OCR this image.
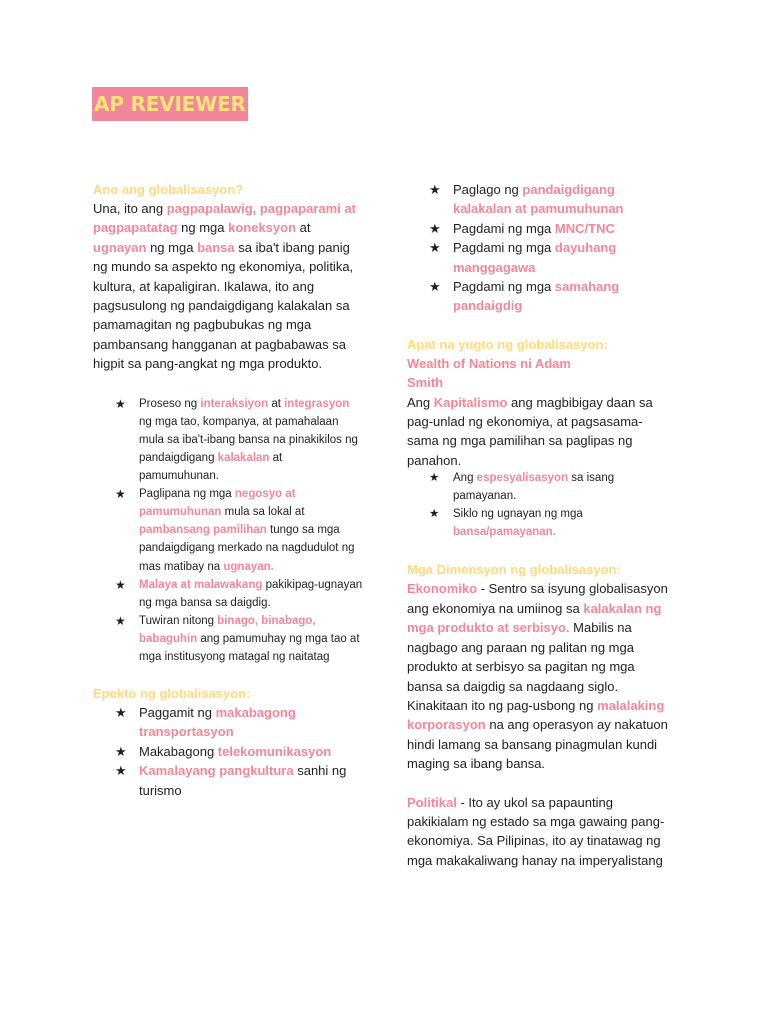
AP REVIEWER

Ano ang globalisasyon?

Una, ito ang pagpapalawig, pagpaparami at pagpapatatag ng mga koneksyon at ugnayan ng mga bansa sa iba't ibang panig ng mundo sa aspekto ng ekonomiya, politika, kultura, at kapaligiran. Ikalawa, ito ang pagsusulong ng pandaigdigang kalakalan sa pamamagitan ng pagbubukas ng mga pambansang hangganan at pagbabawas sa higpit sa pang-angkat ng mga produkto.

★ Proseso ng interaksiyon at integrasyon ng mga tao, kompanya, at pamahalaan mula sa iba't-ibang bansa na pinakikilos ng pandaigdigang kalakalan at pamumuhunan.
★ Paglipana ng mga negosyo at pamumuhunan mula sa lokal at pambansang pamilihan tungo sa mga pandaigdigang merkado na nagdudulot ng mas matibay na ugnayan.
★ Malaya at malawakang pakikipag-ugnayan ng mga bansa sa daigdig.
★ Tuwiran nitong binago, binabago, babaguhin ang pamumuhay ng mga tao at mga institusyong matagal ng naitatag

Epekto ng globalisasyon:

★ Paggamit ng makabagong transportasyon
★ Makabagong telekomunikasyon
★ Kamalayang pangkultura sanhi ng turismo
★ Paglago ng pandaigdigang kalakalan at pamumuhunan
★ Pagdami ng mga MNC/TNC
★ Pagdami ng mga dayuhang manggagawa
★ Pagdami ng mga samahang pandaigdig

Apat na yugto ng globalisasyon:

Wealth of Nations ni Adam Smith

Ang Kapitalismo ang magbibigay daan sa pag-unlad ng ekonomiya, at pagsasama-sama ng mga pamilihan sa paglipas ng panahon.

★ Ang espesyalisasyon sa isang pamayanan.
★ Siklo ng ugnayan ng mga bansa/pamayanan.

Mga Dimensyon ng globalisasyon:

Ekonomiko - Sentro sa isyung globalisasyon ang ekonomiya na umiinog sa kalakalan ng mga produkto at serbisyo. Mabilis na nagbago ang paraan ng palitan ng mga produkto at serbisyo sa pagitan ng mga bansa sa daigdig sa nagdaang siglo. Kinakitaan ito ng pag-usbong ng malalaking korporasyon na ang operasyon ay nakatuon hindi lamang sa bansang pinagmulan kundi maging sa ibang bansa.

Politikal - Ito ay ukol sa papaunting pakikialam ng estado sa mga gawaing pang-ekonomiya. Sa Pilipinas, ito ay tinatawag ng mga makakaliwang hanay na imperyalistang
